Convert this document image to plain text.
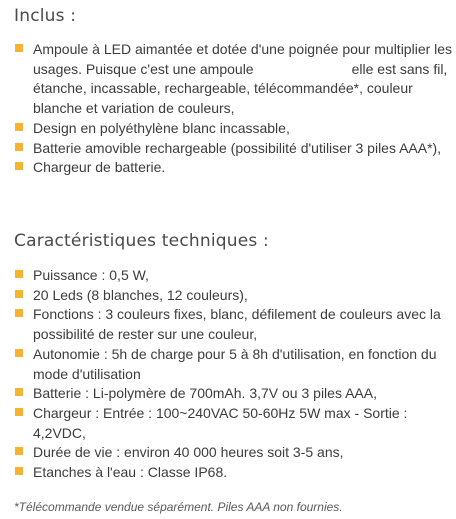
Inclus :
Ampoule à LED aimantée et dotée d'une poignée pour multiplier les usages. Puisque c'est une ampoule	elle est sans fil, étanche, incassable, rechargeable, télécommandée*, couleur blanche et variation de couleurs,
Design en polyéthylène blanc incassable,
Batterie amovible rechargeable (possibilité d'utiliser 3 piles AAA*),
Chargeur de batterie.
Caractéristiques techniques :
Puissance : 0,5 W,
20 Leds (8 blanches, 12 couleurs),
Fonctions : 3 couleurs fixes, blanc, défilement de couleurs avec la possibilité de rester sur une couleur,
Autonomie : 5h de charge pour 5 à 8h d'utilisation, en fonction du mode d'utilisation
Batterie : Li-polymère de 700mAh. 3,7V ou 3 piles AAA,
Chargeur : Entrée : 100~240VAC 50-60Hz 5W max - Sortie : 4,2VDC,
Durée de vie : environ 40 000 heures soit 3-5 ans,
Etanches à l'eau : Classe IP68.

*Télécommande vendue séparément. Piles AAA non fournies.
